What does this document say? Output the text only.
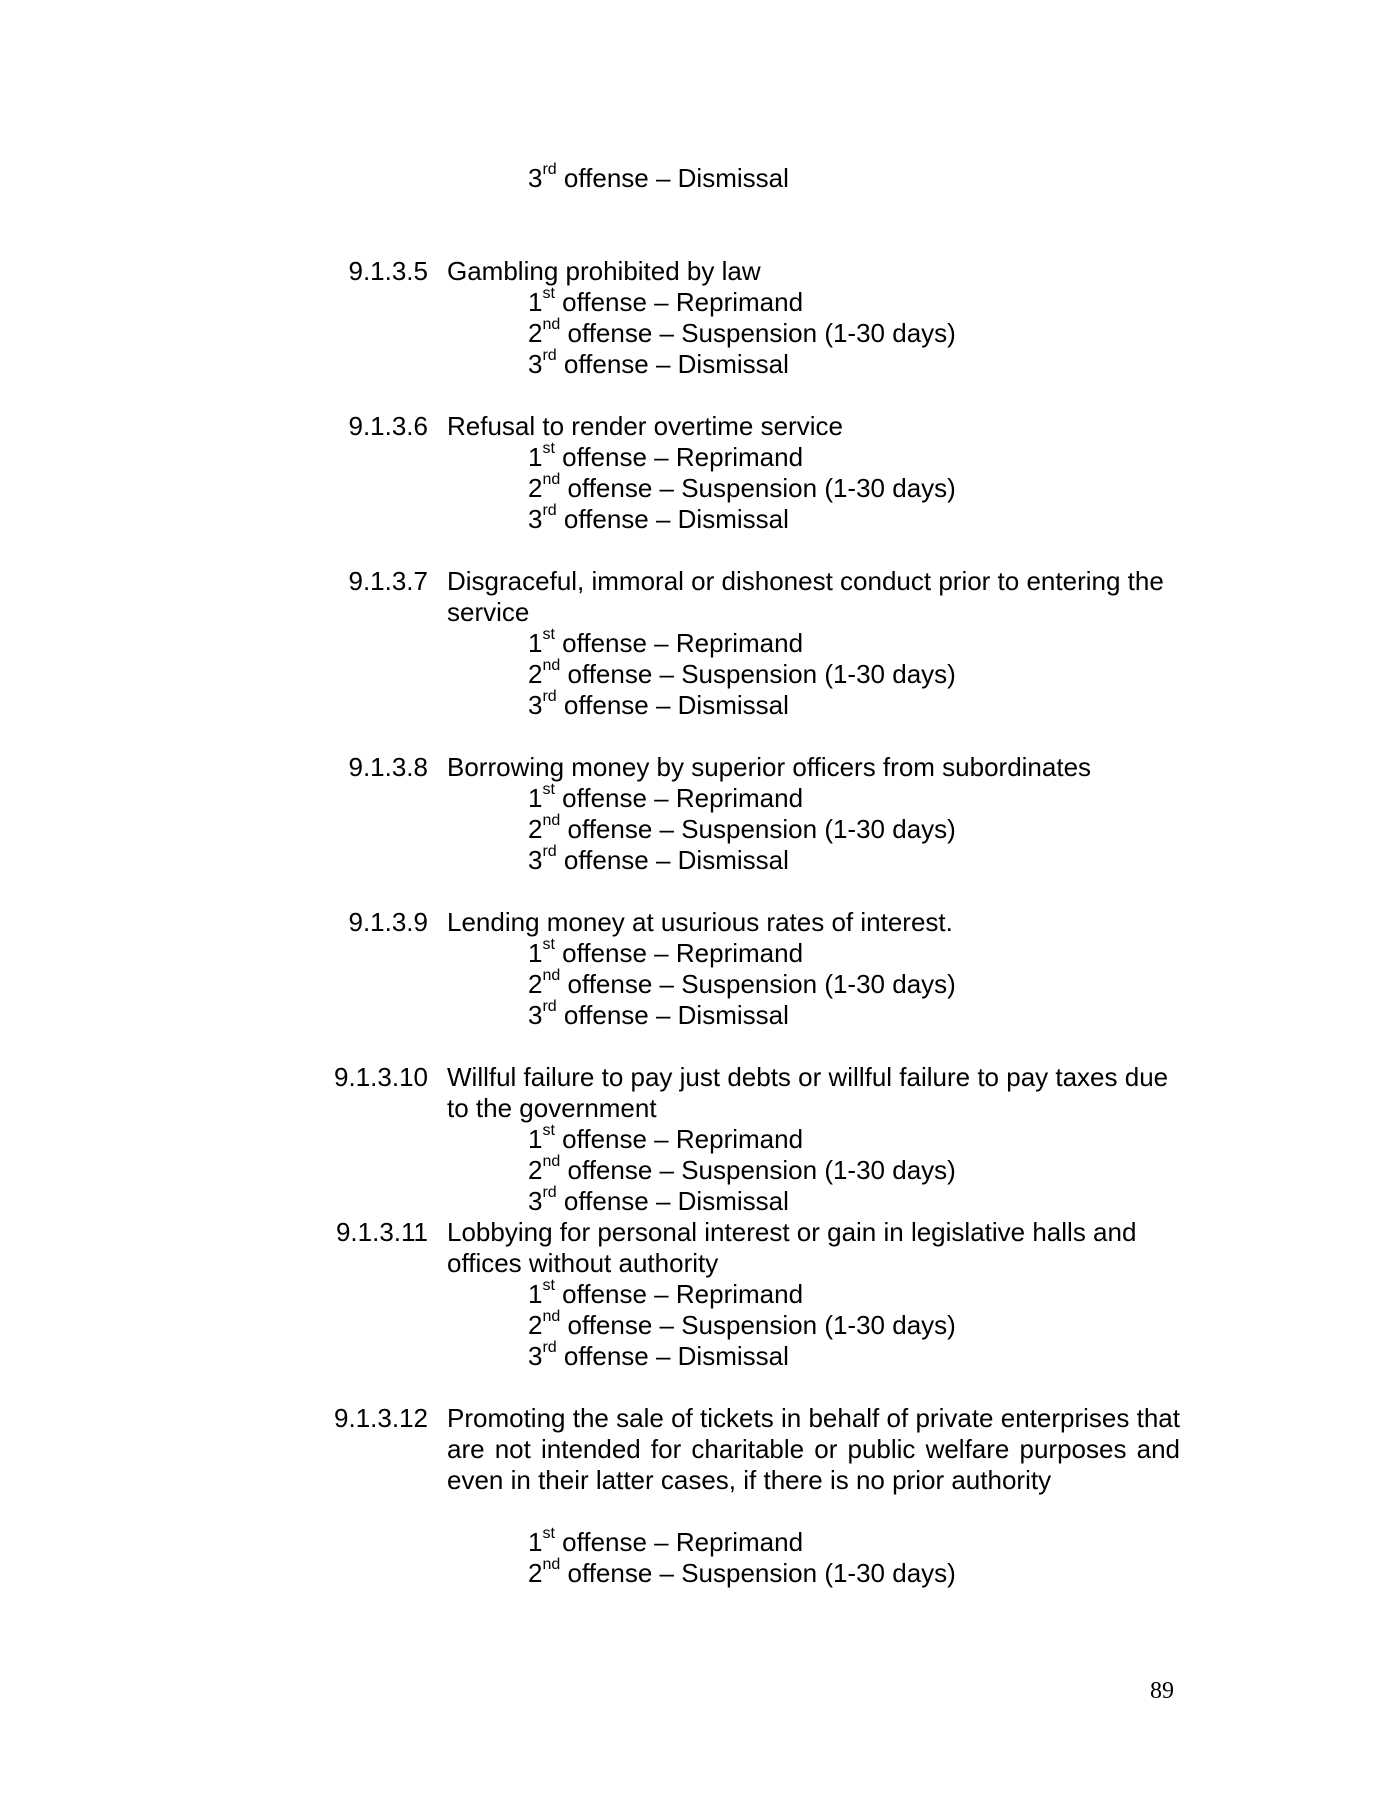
3rd offense – Dismissal
9.1.3.5 Gambling prohibited by law
1st offense – Reprimand
2nd offense – Suspension (1-30 days)
3rd offense – Dismissal
9.1.3.6 Refusal to render overtime service
1st offense – Reprimand
2nd offense – Suspension (1-30 days)
3rd offense – Dismissal
9.1.3.7 Disgraceful, immoral or dishonest conduct prior to entering the service
1st offense – Reprimand
2nd offense – Suspension (1-30 days)
3rd offense – Dismissal
9.1.3.8 Borrowing money by superior officers from subordinates
1st offense – Reprimand
2nd offense – Suspension (1-30 days)
3rd offense – Dismissal
9.1.3.9 Lending money at usurious rates of interest.
1st offense – Reprimand
2nd offense – Suspension (1-30 days)
3rd offense – Dismissal
9.1.3.10 Willful failure to pay just debts or willful failure to pay taxes due to the government
1st offense – Reprimand
2nd offense – Suspension (1-30 days)
3rd offense – Dismissal
9.1.3.11 Lobbying for personal interest or gain in legislative halls and offices without authority
1st offense – Reprimand
2nd offense – Suspension (1-30 days)
3rd offense – Dismissal
9.1.3.12 Promoting the sale of tickets in behalf of private enterprises that are not intended for charitable or public welfare purposes and even in their latter cases, if there is no prior authority
1st offense – Reprimand
2nd offense – Suspension (1-30 days)
89
